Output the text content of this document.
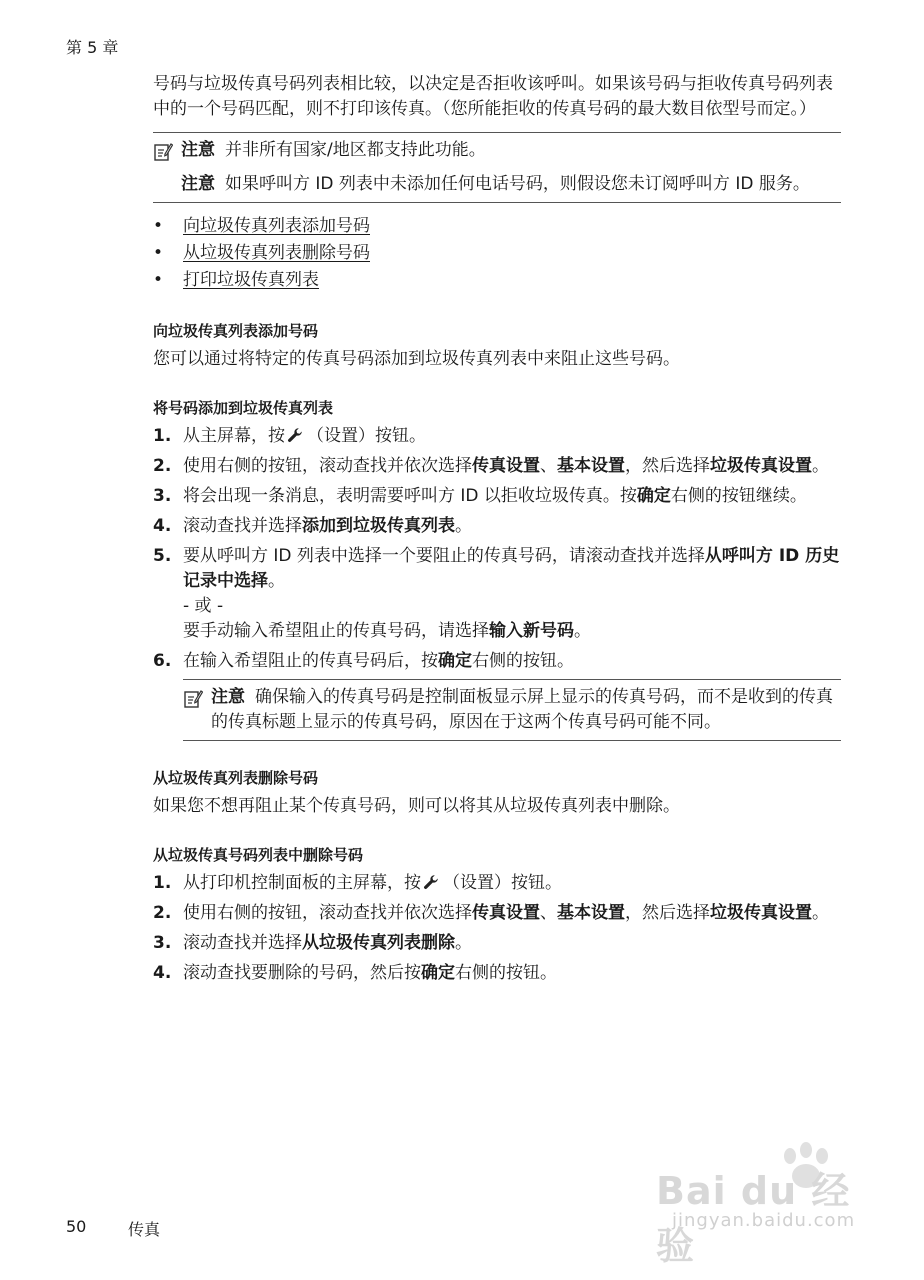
第 5 章

号码与垃圾传真号码列表相比较，以决定是否拒收该呼叫。如果该号码与拒收传真号码列表中的一个号码匹配，则不打印该传真。（您所能拒收的传真号码的最大数目依型号而定。）

注意 并非所有国家/地区都支持此功能。

注意 如果呼叫方 ID 列表中未添加任何电话号码，则假设您未订阅呼叫方 ID 服务。

• 向垃圾传真列表添加号码
• 从垃圾传真列表删除号码
• 打印垃圾传真列表
向垃圾传真列表添加号码

您可以通过将特定的传真号码添加到垃圾传真列表中来阻止这些号码。

将号码添加到垃圾传真列表
1. 从主屏幕，按 （设置）按钮。
2. 使用右侧的按钮，滚动查找并依次选择传真设置、基本设置，然后选择垃圾传真设置。
3. 将会出现一条消息，表明需要呼叫方 ID 以拒收垃圾传真。按确定右侧的按钮继续。
4. 滚动查找并选择添加到垃圾传真列表。
5. 要从呼叫方 ID 列表中选择一个要阻止的传真号码，请滚动查找并选择从呼叫方 ID 历史记录中选择。
- 或 -
要手动输入希望阻止的传真号码，请选择输入新号码。
6. 在输入希望阻止的传真号码后，按确定右侧的按钮。

注意 确保输入的传真号码是控制面板显示屏上显示的传真号码，而不是收到的传真的传真标题上显示的传真号码，原因在于这两个传真号码可能不同。

从垃圾传真列表删除号码

如果您不想再阻止某个传真号码，则可以将其从垃圾传真列表中删除。

从垃圾传真号码列表中删除号码
1. 从打印机控制面板的主屏幕，按 （设置）按钮。
2. 使用右侧的按钮，滚动查找并依次选择传真设置、基本设置，然后选择垃圾传真设置。
3. 滚动查找并选择从垃圾传真列表删除。
4. 滚动查找要删除的号码，然后按确定右侧的按钮。
50	传真
Bai du 经验
jingyan.baidu.com
